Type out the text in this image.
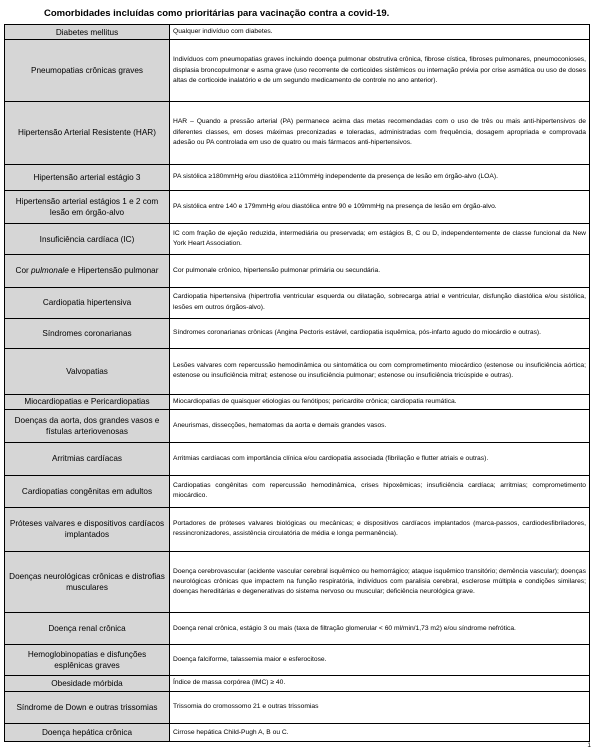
Comorbidades incluídas como prioritárias para vacinação contra a covid-19.
Diabetes mellitus	Qualquer indivíduo com diabetes.
Pneumopatias crônicas graves	Indivíduos com pneumopatias graves incluindo doença pulmonar obstrutiva crônica, fibrose cística, fibroses pulmonares, pneumoconioses, displasia broncopulmonar e asma grave (uso recorrente de corticoides sistêmicos ou internação prévia por crise asmática ou uso de doses altas de corticoide inalatório e de um segundo medicamento de controle no ano anterior).
Hipertensão Arterial Resistente (HAR)	HAR – Quando a pressão arterial (PA) permanece acima das metas recomendadas com o uso de três ou mais anti-hipertensivos de diferentes classes, em doses máximas preconizadas e toleradas, administradas com frequência, dosagem apropriada e comprovada adesão ou PA controlada em uso de quatro ou mais fármacos anti-hipertensivos.
Hipertensão arterial estágio 3	PA sistólica ≥180mmHg e/ou diastólica ≥110mmHg independente da presença de lesão em órgão-alvo (LOA).
Hipertensão arterial estágios 1 e 2 com lesão em órgão-alvo	PA sistólica entre 140 e 179mmHg e/ou diastólica entre 90 e 109mmHg na presença de lesão em órgão-alvo.
Insuficiência cardíaca (IC)	IC com fração de ejeção reduzida, intermediária ou preservada; em estágios B, C ou D, independentemente de classe funcional da New York Heart Association.
Cor pulmonale e Hipertensão pulmonar	Cor pulmonale crônico, hipertensão pulmonar primária ou secundária.
Cardiopatia hipertensiva	Cardiopatia hipertensiva (hipertrofia ventricular esquerda ou dilatação, sobrecarga atrial e ventricular, disfunção diastólica e/ou sistólica, lesões em outros órgãos-alvo).
Síndromes coronarianas	Síndromes coronarianas crônicas (Angina Pectoris estável, cardiopatia isquêmica, pós-infarto agudo do miocárdio e outras).
Valvopatias	Lesões valvares com repercussão hemodinâmica ou sintomática ou com comprometimento miocárdico (estenose ou insuficiência aórtica; estenose ou insuficiência mitral; estenose ou insuficiência pulmonar; estenose ou insuficiência tricúspide e outras).
Miocardiopatias e Pericardiopatias	Miocardiopatias de quaisquer etiologias ou fenótipos; pericardite crônica; cardiopatia reumática.
Doenças da aorta, dos grandes vasos e fístulas arteriovenosas	Aneurismas, dissecções, hematomas da aorta e demais grandes vasos.
Arritmias cardíacas	Arritmias cardíacas com importância clínica e/ou cardiopatia associada (fibrilação e flutter atriais e outras).
Cardiopatias congênitas em adultos	Cardiopatias congênitas com repercussão hemodinâmica, crises hipoxêmicas; insuficiência cardíaca; arritmias; comprometimento miocárdico.
Próteses valvares e dispositivos cardíacos implantados	Portadores de próteses valvares biológicas ou mecânicas; e dispositivos cardíacos implantados (marca-passos, cardiodesfibriladores, ressincronizadores, assistência circulatória de média e longa permanência).
Doenças neurológicas crônicas e distrofias musculares	Doença cerebrovascular (acidente vascular cerebral isquêmico ou hemorrágico; ataque isquêmico transitório; demência vascular); doenças neurológicas crônicas que impactem na função respiratória, indivíduos com paralisia cerebral, esclerose múltipla e condições similares; doenças hereditárias e degenerativas do sistema nervoso ou muscular; deficiência neurológica grave.
Doença renal crônica	Doença renal crônica, estágio 3 ou mais (taxa de filtração glomerular < 60 ml/min/1,73 m2) e/ou síndrome nefrótica.
Hemoglobinopatias e disfunções esplênicas graves	Doença falciforme, talassemia maior e esferocitose.
Obesidade mórbida	Índice de massa corpórea (IMC) ≥ 40.
Síndrome de Down e outras trissomias	Trissomia do cromossomo 21 e outras trissomias
Doença hepática crônica	Cirrose hepática Child-Pugh A, B ou C.
1
